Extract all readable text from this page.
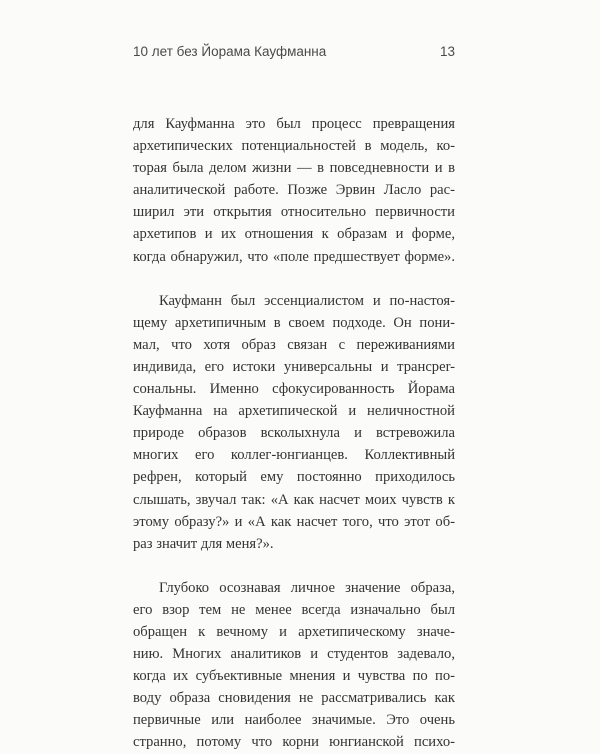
10 лет без Йорама Кауфманна	13
для Кауфманна это был процесс превращения
архетипических потенциальностей в модель, ко-
торая была делом жизни — в повседневности и в
аналитической работе. Позже Эрвин Ласло рас-
ширил эти открытия относительно первичности
архетипов и их отношения к образам и форме,
когда обнаружил, что «поле предшествует форме».
Кауфманн был эссенциалистом и по-настоя-
щему архетипичным в своем подходе. Он пони-
мал, что хотя образ связан с переживаниями
индивида, его истоки универсальны и трансper-
сональны. Именно сфокусированность Йорама
Кауфманна на архетипической и неличностной
природе образов всколыхнула и встревожила
многих его коллег-юнгианцев. Коллективный
рефрен, который ему постоянно приходилось
слышать, звучал так: «А как насчет моих чувств к
этому образу?» и «А как насчет того, что этот об-
раз значит для меня?».
Глубоко осознавая личное значение образа,
его взор тем не менее всегда изначально был
обращен к вечному и архетипическому значе-
нию. Многих аналитиков и студентов задевало,
когда их субъективные мнения и чувства по по-
воду образа сновидения не рассматривались как
первичные или наиболее значимые. Это очень
странно, потому что корни юнгианской психо-
